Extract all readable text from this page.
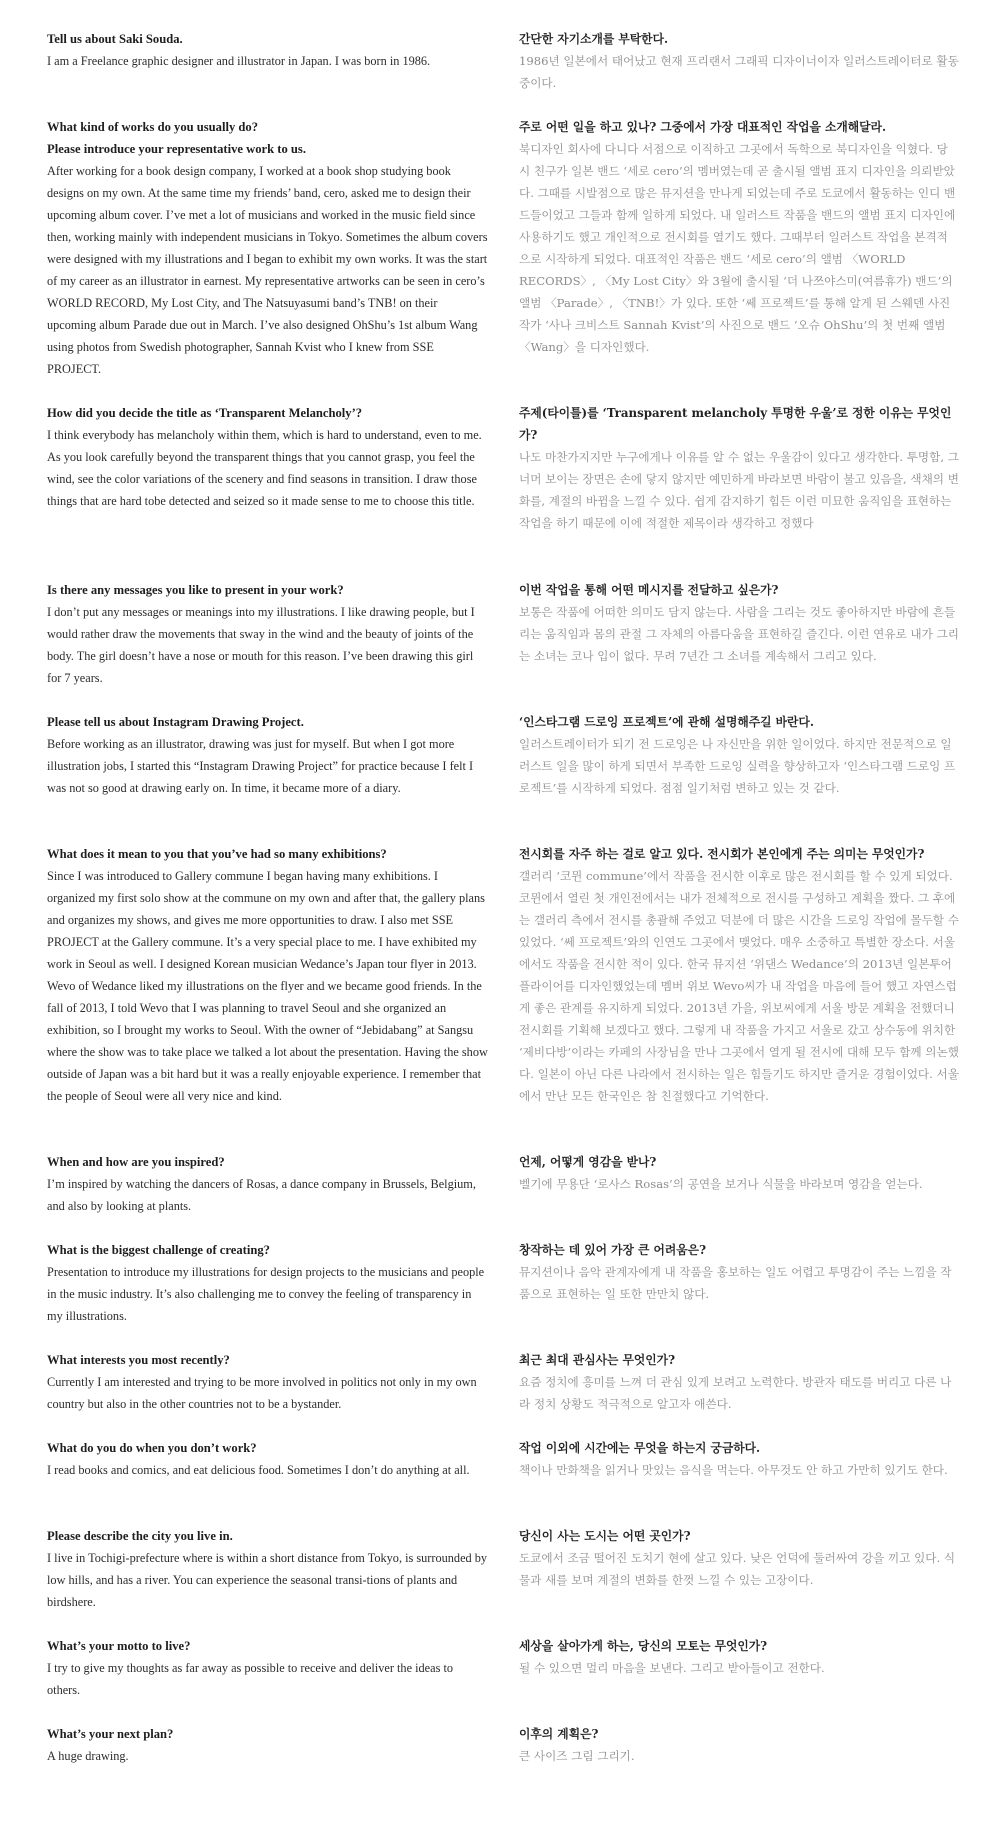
Tell us about Saki Souda.

I am a Freelance graphic designer and illustrator in Japan. I was born in 1986.

What kind of works do you usually do?
Please introduce your representative work to us.

After working for a book design company, I worked at a book shop studying book designs on my own. At the same time my friends’ band, cero, asked me to design their upcoming album cover. I’ve met a lot of musicians and worked in the music field since then, working mainly with independent musicians in Tokyo. Sometimes the album covers were designed with my illustrations and I began to exhibit my own works. It was the start of my career as an illustrator in earnest. My representative artworks can be seen in cero’s WORLD RECORD, My Lost City, and The Natsuyasumi band’s TNB! on their upcoming album Parade due out in March. I’ve also designed OhShu’s 1st album Wang using photos from Swedish photographer, Sannah Kvist who I knew from SSE PROJECT.

How did you decide the title as ‘Transparent Melancholy’?

I think everybody has melancholy within them, which is hard to understand, even to me. As you look carefully beyond the transparent things that you cannot grasp, you feel the wind, see the color variations of the scenery and find seasons in transition. I draw those things that are hard tobe detected and seized so it made sense to me to choose this title.

Is there any messages you like to present in your work?

I don’t put any messages or meanings into my illustrations. I like drawing people, but I would rather draw the movements that sway in the wind and the beauty of joints of the body. The girl doesn’t have a nose or mouth for this reason. I’ve been drawing this girl for 7 years.

Please tell us about Instagram Drawing Project.

Before working as an illustrator, drawing was just for myself. But when I got more illustration jobs, I started this “Instagram Drawing Project” for practice because I felt I was not so good at drawing early on. In time, it became more of a diary.

What does it mean to you that you’ve had so many exhibitions?

Since I was introduced to Gallery commune I began having many exhibitions. I organized my first solo show at the commune on my own and after that, the gallery plans and organizes my shows, and gives me more opportunities to draw. I also met SSE PROJECT at the Gallery commune. It’s a very special place to me. I have exhibited my work in Seoul as well. I designed Korean musician Wedance’s Japan tour flyer in 2013. Wevo of Wedance liked my illustrations on the flyer and we became good friends. In the fall of 2013, I told Wevo that I was planning to travel Seoul and she organized an exhibition, so I brought my works to Seoul. With the owner of “Jebidabang” at Sangsu where the show was to take place we talked a lot about the presentation. Having the show outside of Japan was a bit hard but it was a really enjoyable experience. I remember that the people of Seoul were all very nice and kind.

When and how are you inspired?

I’m inspired by watching the dancers of Rosas, a dance company in Brussels, Belgium, and also by looking at plants.

What is the biggest challenge of creating?

Presentation to introduce my illustrations for design projects to the musicians and people in the music industry. It’s also challenging me to convey the feeling of transparency in my illustrations.

What interests you most recently?

Currently I am interested and trying to be more involved in politics not only in my own country but also in the other countries not to be a bystander.

What do you do when you don’t work?

I read books and comics, and eat delicious food. Sometimes I don’t do anything at all.

Please describe the city you live in.

I live in Tochigi-prefecture where is within a short distance from Tokyo, is surrounded by low hills, and has a river. You can experience the seasonal transi-tions of plants and birdshere.

What’s your motto to live?

I try to give my thoughts as far away as possible to receive and deliver the ideas to others.

What’s your next plan?

A huge drawing.

간단한 자기소개를 부탁한다.

1986년 일본에서 태어났고 현재 프리랜서 그래픽 디자이너이자 일러스트레이터로 활동 중이다.

주로 어떤 일을 하고 있나? 그중에서 가장 대표적인 작업을 소개해달라.

북디자인 회사에 다니다 서점으로 이직하고 그곳에서 독학으로 북디자인을 익혔다. 당시 친구가 일본 밴드 ‘세로 cero’의 멤버였는데 곧 출시될 앨범 표지 디자인을 의뢰받았다. 그때를 시발점으로 많은 뮤지션을 만나게 되었는데 주로 도쿄에서 활동하는 인디 밴드들이었고 그들과 함께 일하게 되었다. 내 일러스트 작품을 밴드의 앨범 표지 디자인에 사용하기도 했고 개인적으로 전시회를 열기도 했다. 그때부터 일러스트 작업을 본격적으로 시작하게 되었다. 대표적인 작품은 밴드 ‘세로 cero’의 앨범 〈WORLD RECORDS〉, 〈My Lost City〉와 3월에 출시될 ‘더 나쯔야스미(여름휴가) 밴드’의 앨범 〈Parade〉, 〈TNB!〉가 있다. 또한 ‘쎄 프로젝트’를 통해 알게 된 스웨덴 사진작가 ‘사나 크비스트 Sannah Kvist’의 사진으로 밴드 ‘오슈 OhShu’의 첫 번째 앨범 〈Wang〉을 디자인했다.

주제(타이틀)를 ‘Transparent melancholy 투명한 우울’로 정한 이유는 무엇인가?

나도 마찬가지지만 누구에게나 이유를 알 수 없는 우울감이 있다고 생각한다. 투명함, 그 너머 보이는 장면은 손에 닿지 않지만 예민하게 바라보면 바람이 불고 있음을, 색채의 변화를, 계절의 바뀜을 느낄 수 있다. 쉽게 감지하기 힘든 이런 미묘한 움직임을 표현하는 작업을 하기 때문에 이에 적절한 제목이라 생각하고 정했다

이번 작업을 통해 어떤 메시지를 전달하고 싶은가?

보통은 작품에 어떠한 의미도 담지 않는다. 사람을 그리는 것도 좋아하지만 바람에 흔들리는 움직임과 몸의 관절 그 자체의 아름다움을 표현하길 즐긴다. 이런 연유로 내가 그리는 소녀는 코나 입이 없다. 무려 7년간 그 소녀를 계속해서 그리고 있다.

‘인스타그램 드로잉 프로젝트’에 관해 설명해주길 바란다.

일러스트레이터가 되기 전 드로잉은 나 자신만을 위한 일이었다. 하지만 전문적으로 일러스트 일을 많이 하게 되면서 부족한 드로잉 실력을 향상하고자 ‘인스타그램 드로잉 프로젝트’를 시작하게 되었다. 점점 일기처럼 변하고 있는 것 같다.

전시회를 자주 하는 걸로 알고 있다. 전시회가 본인에게 주는 의미는 무엇인가?

갤러리 ‘코뮌 commune’에서 작품을 전시한 이후로 많은 전시회를 할 수 있게 되었다. 코뮌에서 열린 첫 개인전에서는 내가 전체적으로 전시를 구성하고 계획을 짰다. 그 후에는 갤러리 측에서 전시를 총괄해 주었고 덕분에 더 많은 시간을 드로잉 작업에 몰두할 수 있었다. ‘쎄 프로젝트’와의 인연도 그곳에서 맺었다. 매우 소중하고 특별한 장소다. 서울에서도 작품을 전시한 적이 있다. 한국 뮤지션 ‘위댄스 Wedance’의 2013년 일본투어 플라이어를 디자인했었는데 멤버 위보 Wevo씨가 내 작업을 마음에 들어 했고 자연스럽게 좋은 관계를 유지하게 되었다. 2013년 가을, 위보씨에게 서울 방문 계획을 전했더니 전시회를 기획해 보겠다고 했다. 그렇게 내 작품을 가지고 서울로 갔고 상수동에 위치한 ‘제비다방’이라는 카페의 사장님을 만나 그곳에서 열게 될 전시에 대해 모두 함께 의논했다. 일본이 아닌 다른 나라에서 전시하는 일은 힘들기도 하지만 즐거운 경험이었다. 서울에서 만난 모든 한국인은 참 친절했다고 기억한다.

언제, 어떻게 영감을 받나?

벨기에 무용단 ‘로사스 Rosas’의 공연을 보거나 식물을 바라보며 영감을 얻는다.

창작하는 데 있어 가장 큰 어려움은?

뮤지션이나 음악 관계자에게 내 작품을 홍보하는 일도 어렵고 투명감이 주는 느낌을 작품으로 표현하는 일 또한 만만치 않다.

최근 최대 관심사는 무엇인가?

요즘 정치에 흥미를 느껴 더 관심 있게 보려고 노력한다. 방관자 태도를 버리고 다른 나라 정치 상황도 적극적으로 알고자 애쓴다.

작업 이외에 시간에는 무엇을 하는지 궁금하다.

책이나 만화책을 읽거나 맛있는 음식을 먹는다. 아무것도 안 하고 가만히 있기도 한다.

당신이 사는 도시는 어떤 곳인가?

도쿄에서 조금 떨어진 도치기 현에 살고 있다. 낮은 언덕에 둘러싸여 강을 끼고 있다. 식물과 새를 보며 계절의 변화를 한껏 느낄 수 있는 고장이다.

세상을 살아가게 하는, 당신의 모토는 무엇인가?

될 수 있으면 멀리 마음을 보낸다. 그리고 받아들이고 전한다.

이후의 계획은?

큰 사이즈 그림 그리기.
